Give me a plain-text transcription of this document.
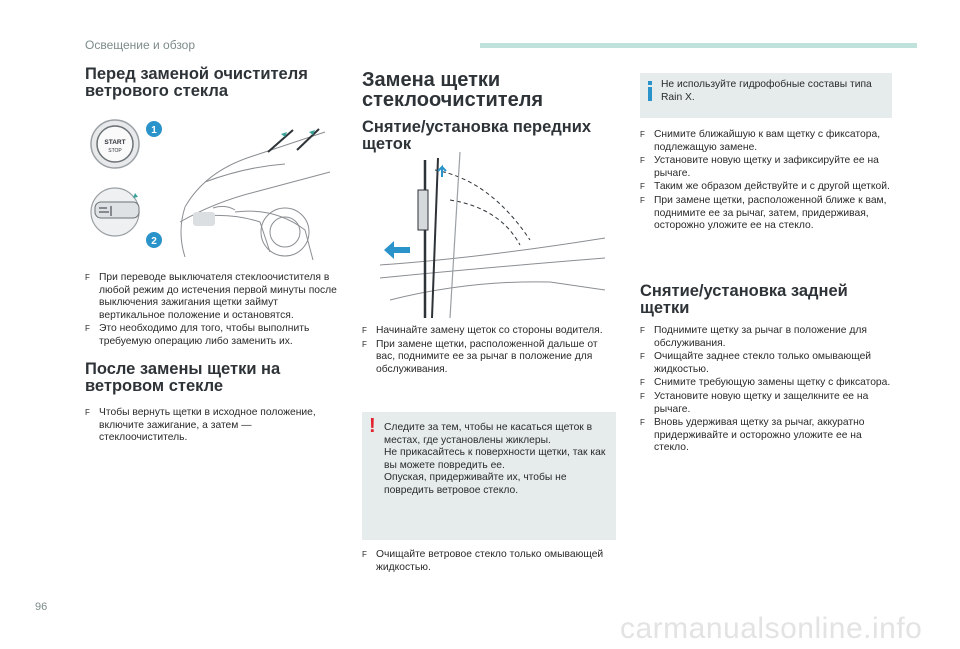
Освещение и обзор
Перед заменой очистителя
ветрового стекла
START
STOP
1
2
F При переводе выключателя стеклоочистителя в любой режим до истечения первой минуты после выключения зажигания щетки займут вертикальное положение и остановятся.
F Это необходимо для того, чтобы выполнить требуемую операцию либо заменить их.
После замены щетки на
ветровом стекле
F Чтобы вернуть щетки в исходное положение, включите зажигание, а затем — стеклоочиститель.
Замена щетки
стеклоочистителя
Снятие/установка передних
щеток
F Начинайте замену щеток со стороны водителя.
F При замене щетки, расположенной дальше от вас, поднимите ее за рычаг в положение для обслуживания.
! Следите за тем, чтобы не касаться щеток в
местах, где установлены жиклеры.
Не прикасайтесь к поверхности щетки, так как
вы можете повредить ее.
Опуская, придерживайте их, чтобы не
повредить ветровое стекло.
F Очищайте ветровое стекло только омывающей жидкостью.
Не используйте гидрофобные составы типа
Rain X.
F Снимите ближайшую к вам щетку с фиксатора, подлежащую замене.
F Установите новую щетку и зафиксируйте ее на рычаге.
F Таким же образом действуйте и с другой щеткой.
F При замене щетки, расположенной ближе к вам, поднимите ее за рычаг, затем, придерживая, осторожно уложите ее на стекло.
Снятие/установка задней
щетки
F Поднимите щетку за рычаг в положение для обслуживания.
F Очищайте заднее стекло только омывающей жидкостью.
F Снимите требующую замены щетку с фиксатора.
F Установите новую щетку и защелкните ее на рычаге.
F Вновь удерживая щетку за рычаг, аккуратно придерживайте и осторожно уложите ее на стекло.
96
carmanualsonline.info
